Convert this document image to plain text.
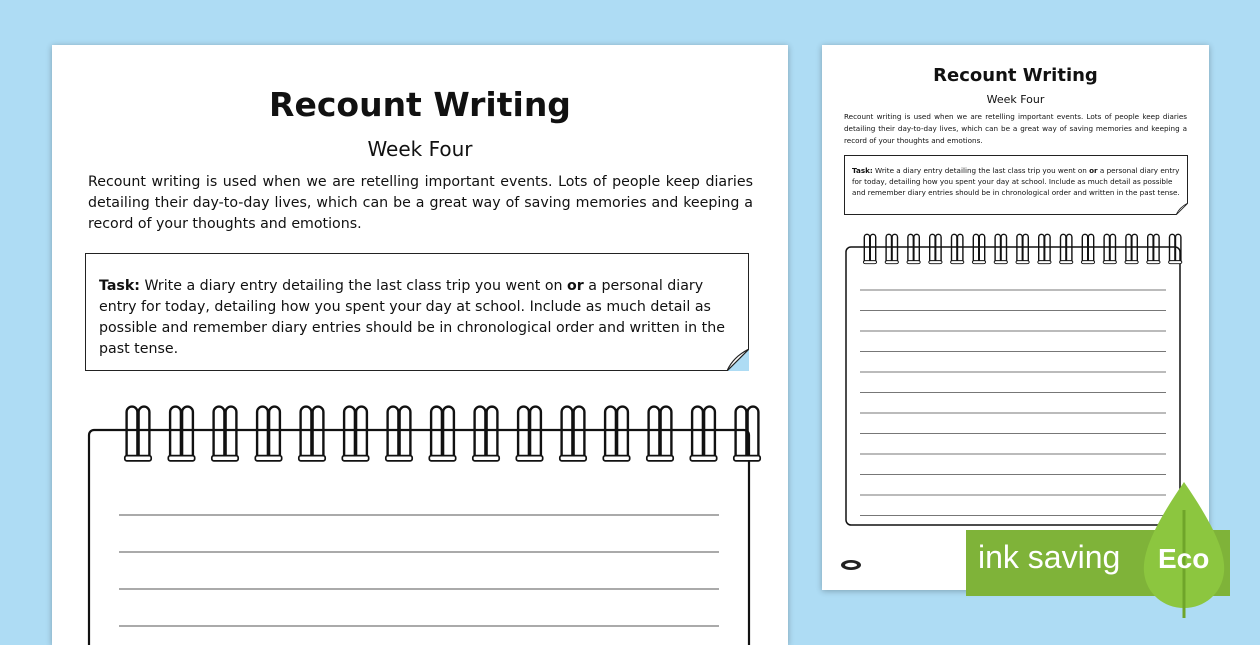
Recount Writing
Week Four

Recount writing is used when we are retelling important events. Lots of people keep diaries detailing their day-to-day lives, which can be a great way of saving memories and keeping a record of your thoughts and emotions.

Task: Write a diary entry detailing the last class trip you went on or a personal diary entry for today, detailing how you spent your day at school. Include as much detail as possible and remember diary entries should be in chronological order and written in the past tense.
Recount Writing
Week Four

Recount writing is used when we are retelling important events. Lots of people keep diaries detailing their day-to-day lives, which can be a great way of saving memories and keeping a record of your thoughts and emotions.

Task: Write a diary entry detailing the last class trip you went on or a personal diary entry for today, detailing how you spent your day at school. Include as much detail as possible and remember diary entries should be in chronological order and written in the past tense.
ink saving Eco
